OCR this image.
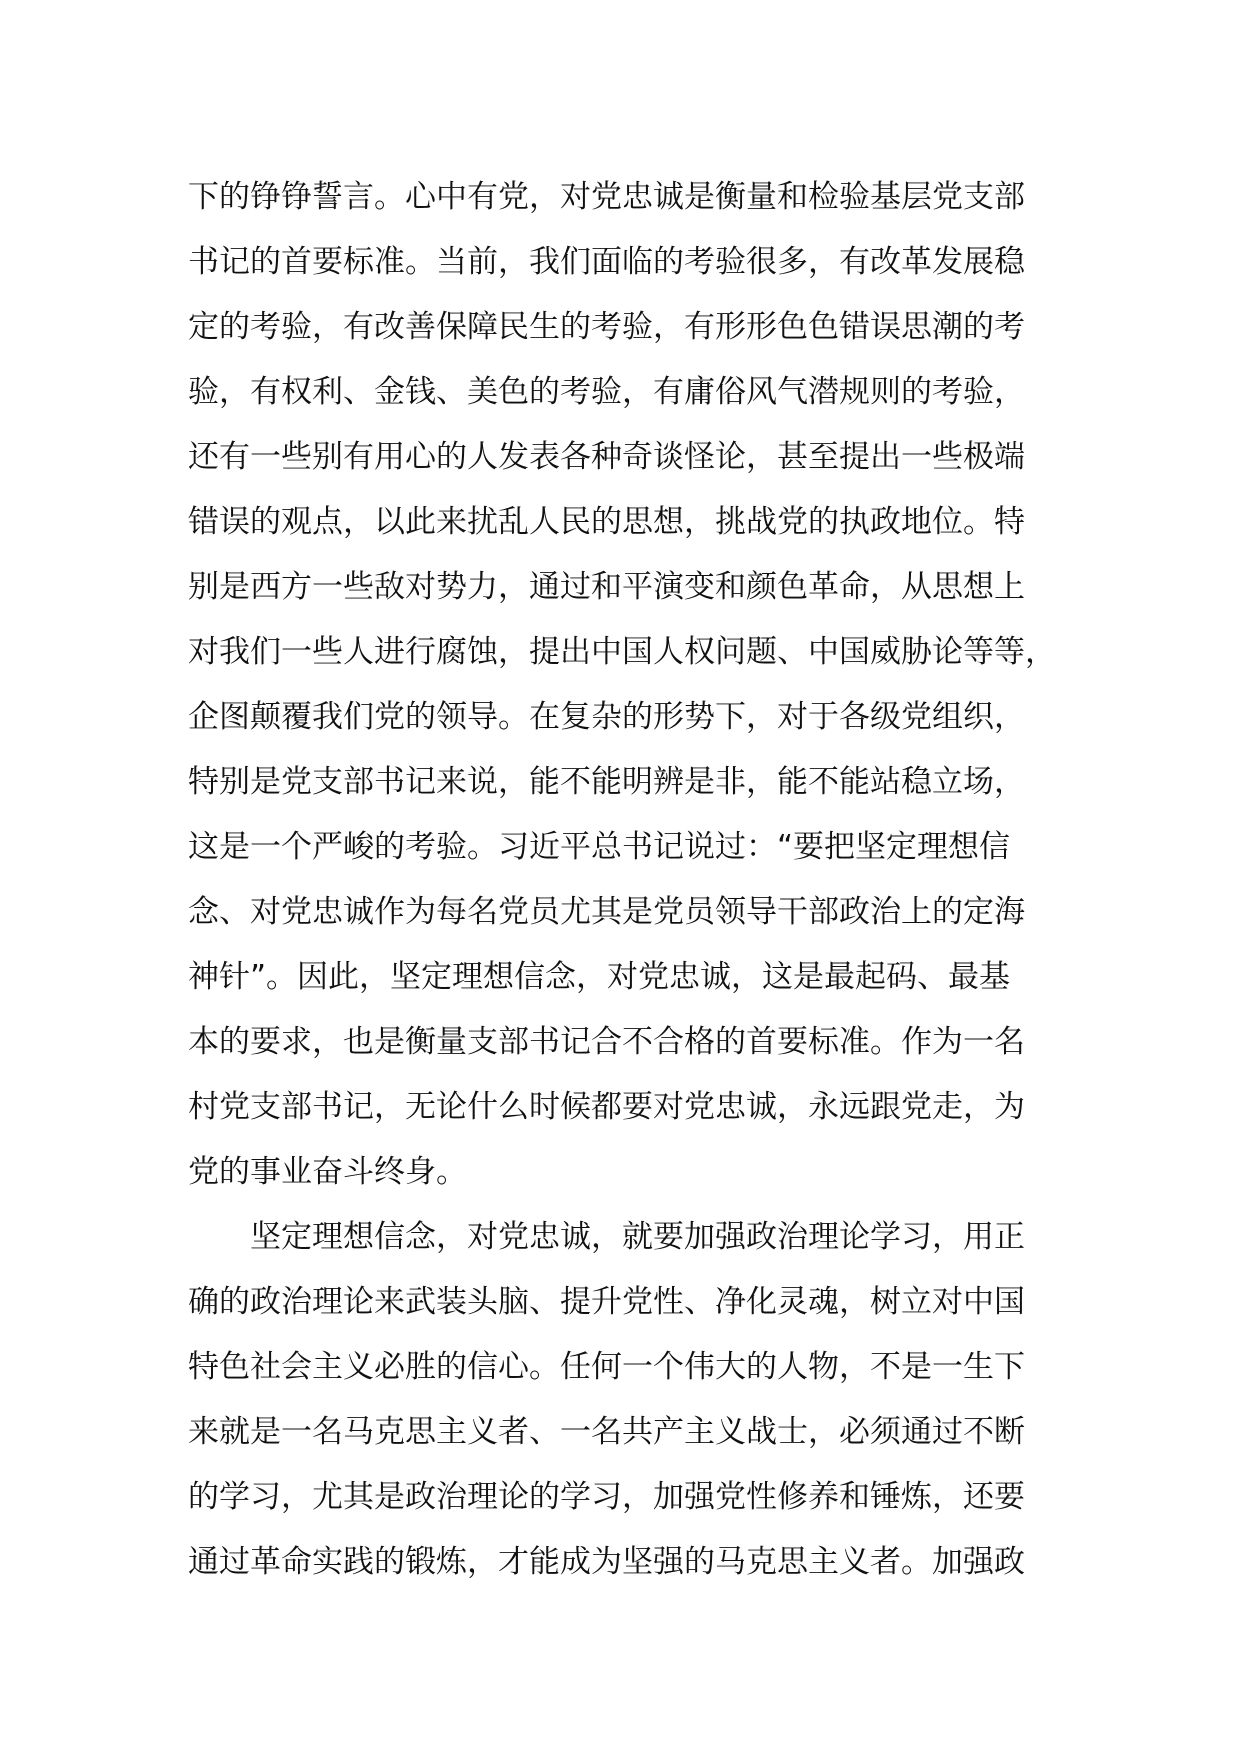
下的铮铮誓言。心中有党，对党忠诚是衡量和检验基层党支部
书记的首要标准。当前，我们面临的考验很多，有改革发展稳
定的考验，有改善保障民生的考验，有形形色色错误思潮的考
验，有权利、金钱、美色的考验，有庸俗风气潜规则的考验，
还有一些别有用心的人发表各种奇谈怪论，甚至提出一些极端
错误的观点，以此来扰乱人民的思想，挑战党的执政地位。特
别是西方一些敌对势力，通过和平演变和颜色革命，从思想上
对我们一些人进行腐蚀，提出中国人权问题、中国威胁论等等，
企图颠覆我们党的领导。在复杂的形势下，对于各级党组织，
特别是党支部书记来说，能不能明辨是非，能不能站稳立场，
这是一个严峻的考验。习近平总书记说过：“要把坚定理想信
念、对党忠诚作为每名党员尤其是党员领导干部政治上的定海
神针”。因此，坚定理想信念，对党忠诚，这是最起码、最基
本的要求，也是衡量支部书记合不合格的首要标准。作为一名
村党支部书记，无论什么时候都要对党忠诚，永远跟党走，为
党的事业奋斗终身。
坚定理想信念，对党忠诚，就要加强政治理论学习，用正
确的政治理论来武装头脑、提升党性、净化灵魂，树立对中国
特色社会主义必胜的信心。任何一个伟大的人物，不是一生下
来就是一名马克思主义者、一名共产主义战士，必须通过不断
的学习，尤其是政治理论的学习，加强党性修养和锤炼，还要
通过革命实践的锻炼，才能成为坚强的马克思主义者。加强政
